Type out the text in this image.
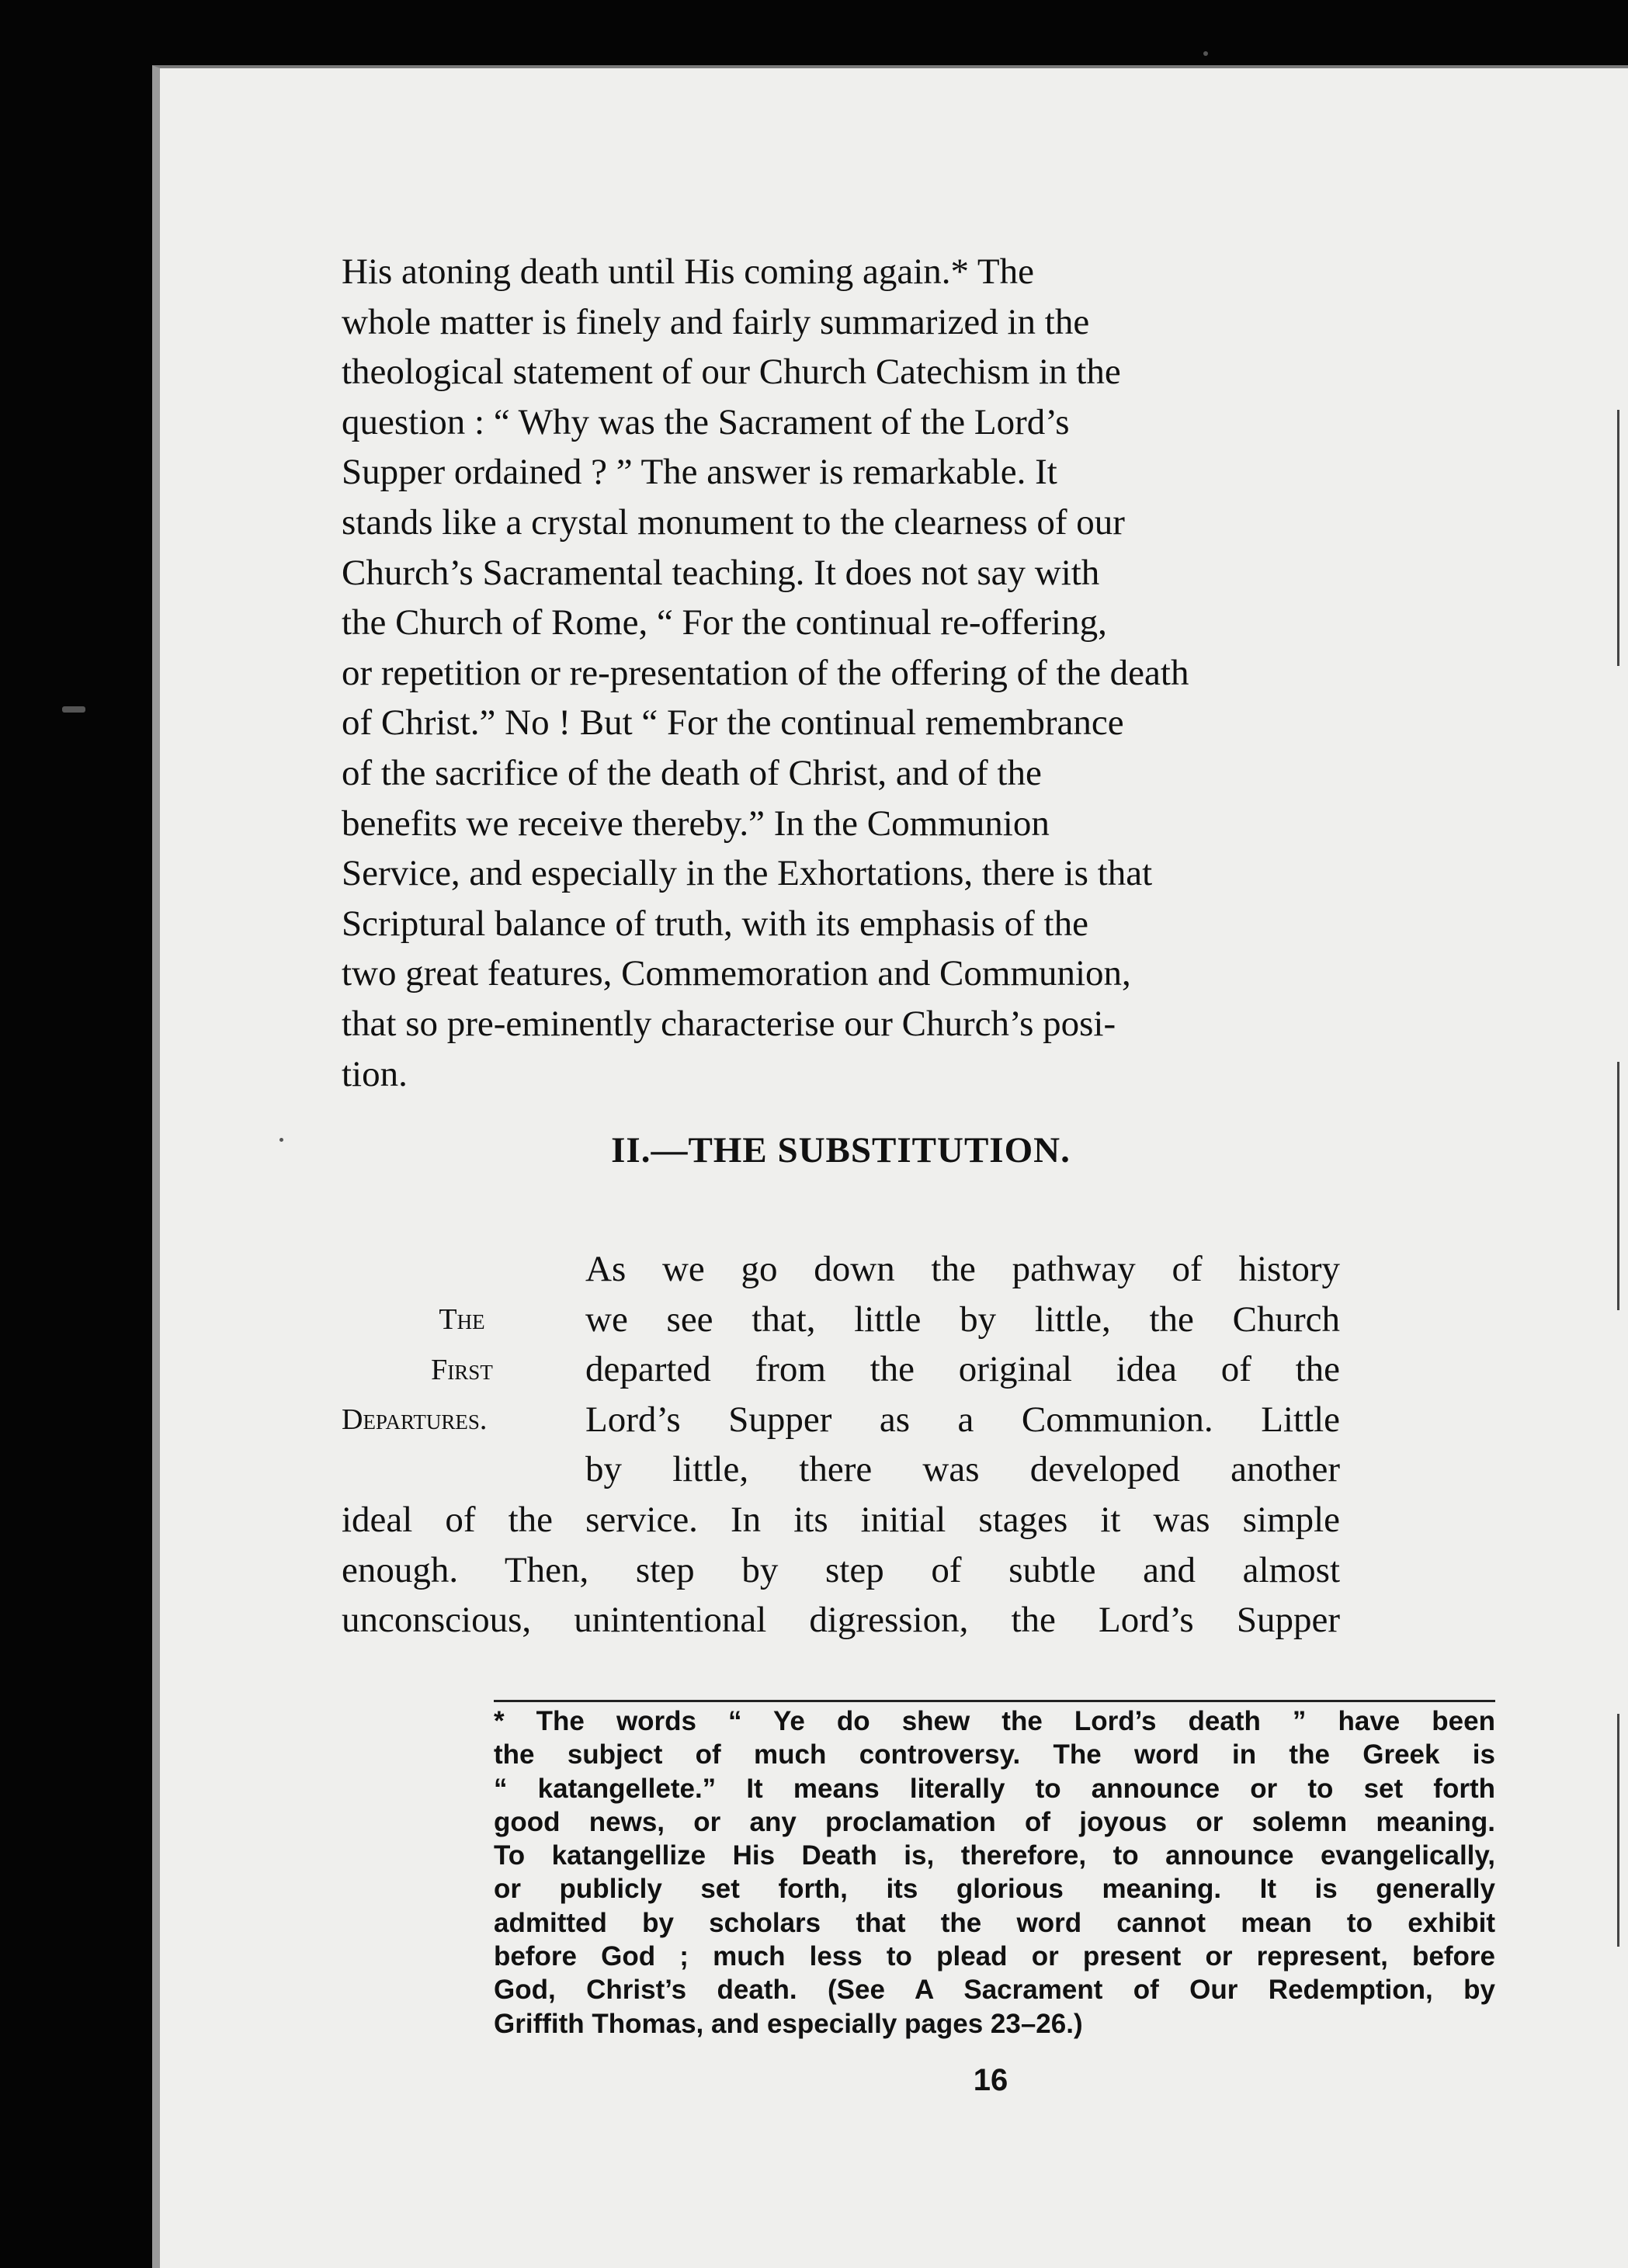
His atoning death until His coming again.* The

whole matter is finely and fairly summarized in the

theological statement of our Church Catechism in the

question : “ Why was the Sacrament of the Lord’s

Supper ordained ? ” The answer is remarkable. It

stands like a crystal monument to the clearness of our

Church’s Sacramental teaching. It does not say with

the Church of Rome, “ For the continual re-offering,

or repetition or re-presentation of the offering of the death

of Christ.” No ! But “ For the continual remembrance

of the sacrifice of the death of Christ, and of the

benefits we receive thereby.” In the Communion

Service, and especially in the Exhortations, there is that

Scriptural balance of truth, with its emphasis of the

two great features, Commemoration and Communion,

that so pre-eminently characterise our Church’s posi-

tion.

II.—THE SUBSTITUTION.
The
First
Departures.
As we go down the pathway of history
we see that, little by little, the Church
departed from the original idea of the
Lord’s Supper as a Communion. Little
by little, there was developed another
ideal of the service. In its initial stages it was simple
enough. Then, step by step of subtle and almost
unconscious, unintentional digression, the Lord’s Supper
* The words “ Ye do shew the Lord’s death ” have been
the subject of much controversy. The word in the Greek is
“ katangellete.” It means literally to announce or to set forth
good news, or any proclamation of joyous or solemn meaning.
To katangellize His Death is, therefore, to announce evangelically,
or publicly set forth, its glorious meaning. It is generally
admitted by scholars that the word cannot mean to exhibit
before God ; much less to plead or present or represent, before
God, Christ’s death. (See A Sacrament of Our Redemption, by
Griffith Thomas, and especially pages 23–26.)
16
